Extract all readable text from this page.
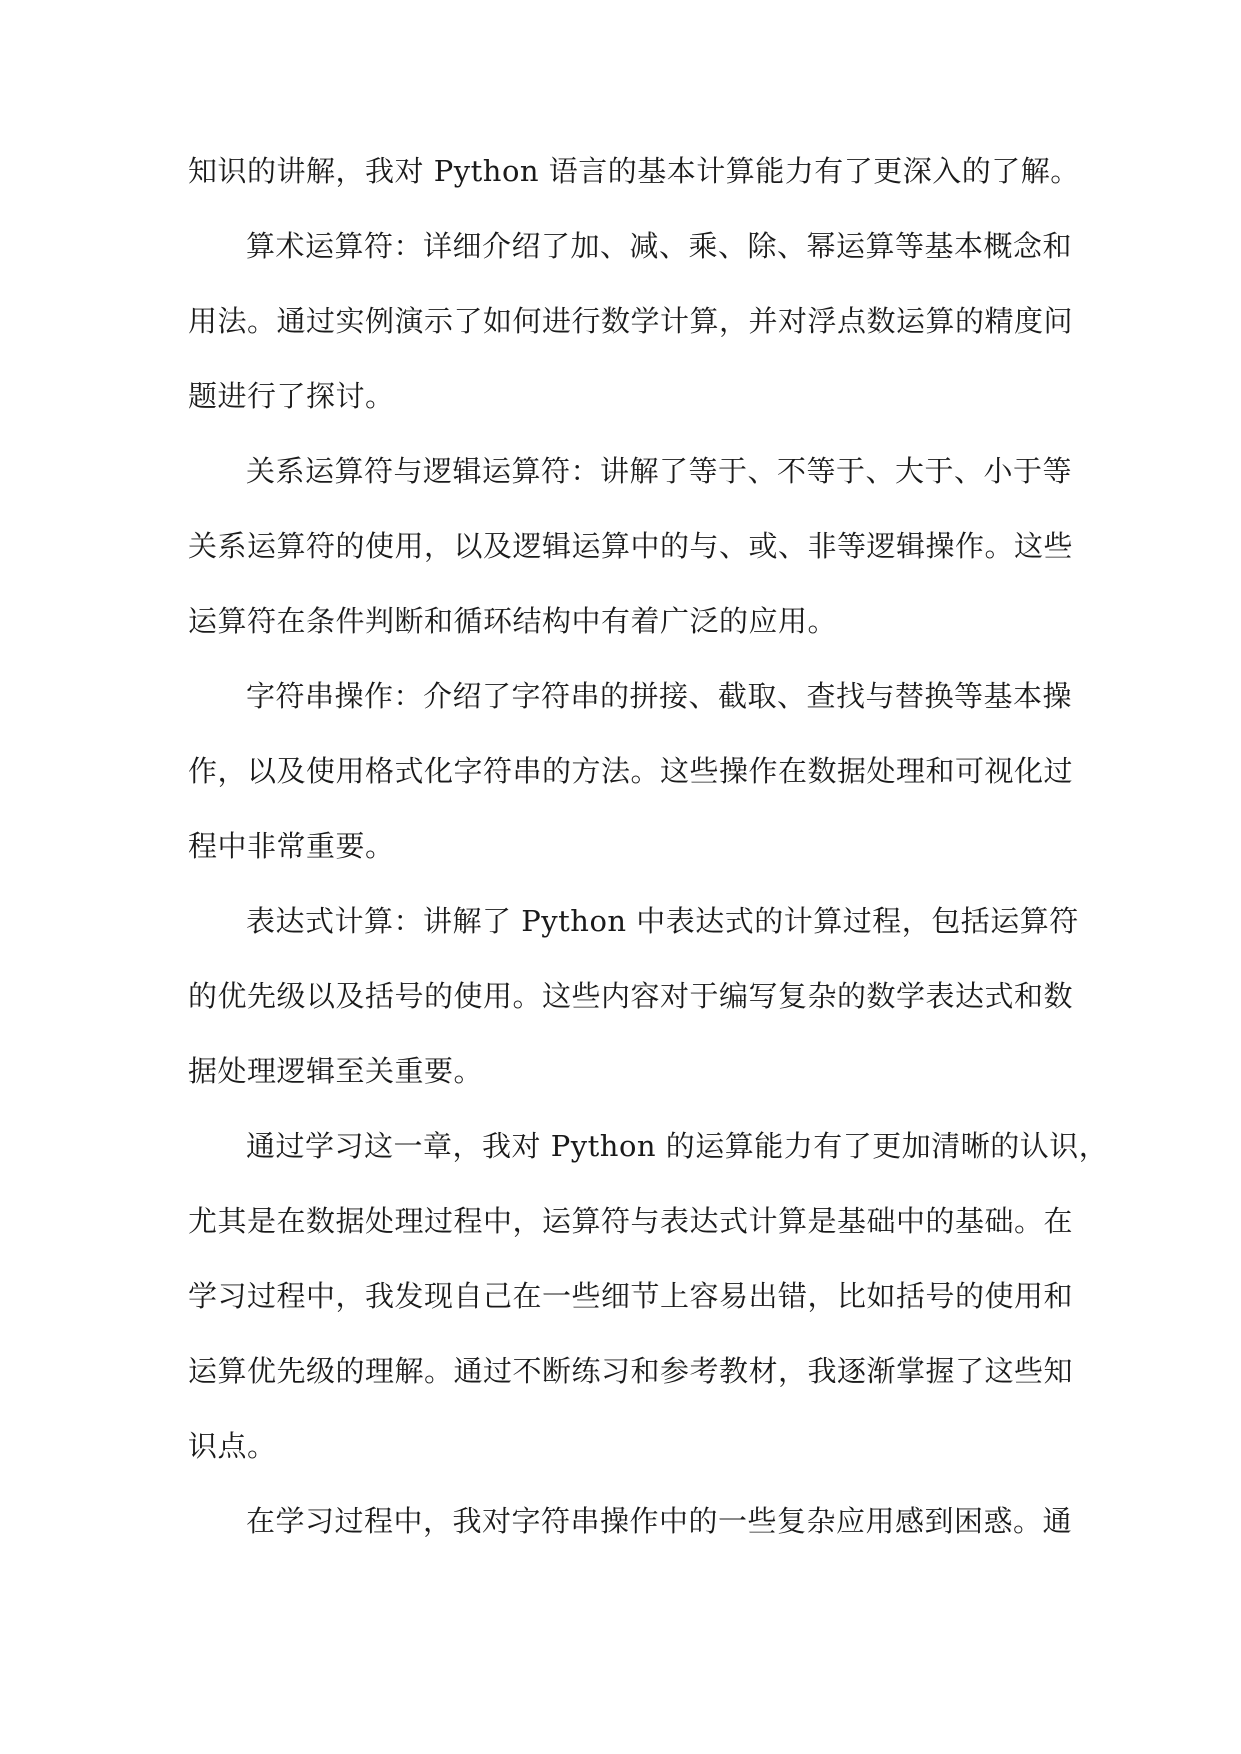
知识的讲解，我对 Python 语言的基本计算能力有了更深入的了解。

算术运算符：详细介绍了加、减、乘、除、幂运算等基本概念和

用法。通过实例演示了如何进行数学计算，并对浮点数运算的精度问

题进行了探讨。

关系运算符与逻辑运算符：讲解了等于、不等于、大于、小于等

关系运算符的使用，以及逻辑运算中的与、或、非等逻辑操作。这些

运算符在条件判断和循环结构中有着广泛的应用。

字符串操作：介绍了字符串的拼接、截取、查找与替换等基本操

作，以及使用格式化字符串的方法。这些操作在数据处理和可视化过

程中非常重要。

表达式计算：讲解了 Python 中表达式的计算过程，包括运算符

的优先级以及括号的使用。这些内容对于编写复杂的数学表达式和数

据处理逻辑至关重要。

通过学习这一章，我对 Python 的运算能力有了更加清晰的认识，

尤其是在数据处理过程中，运算符与表达式计算是基础中的基础。在

学习过程中，我发现自己在一些细节上容易出错，比如括号的使用和

运算优先级的理解。通过不断练习和参考教材，我逐渐掌握了这些知

识点。

在学习过程中，我对字符串操作中的一些复杂应用感到困惑。通
